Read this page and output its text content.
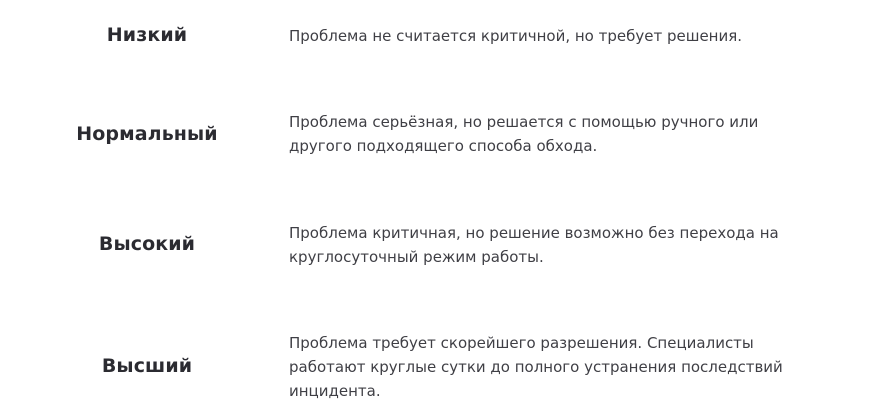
Низкий	Проблема не считается критичной, но требует решения.
Нормальный
Проблема серьёзная, но решается с помощью ручного или другого подходящего способа обхода.
Высокий	Проблема критичная, но решение возможно без перехода на круглосуточный режим работы.
Высший
Проблема требует скорейшего разрешения. Специалисты работают круглые сутки до полного устранения последствий инцидента.
